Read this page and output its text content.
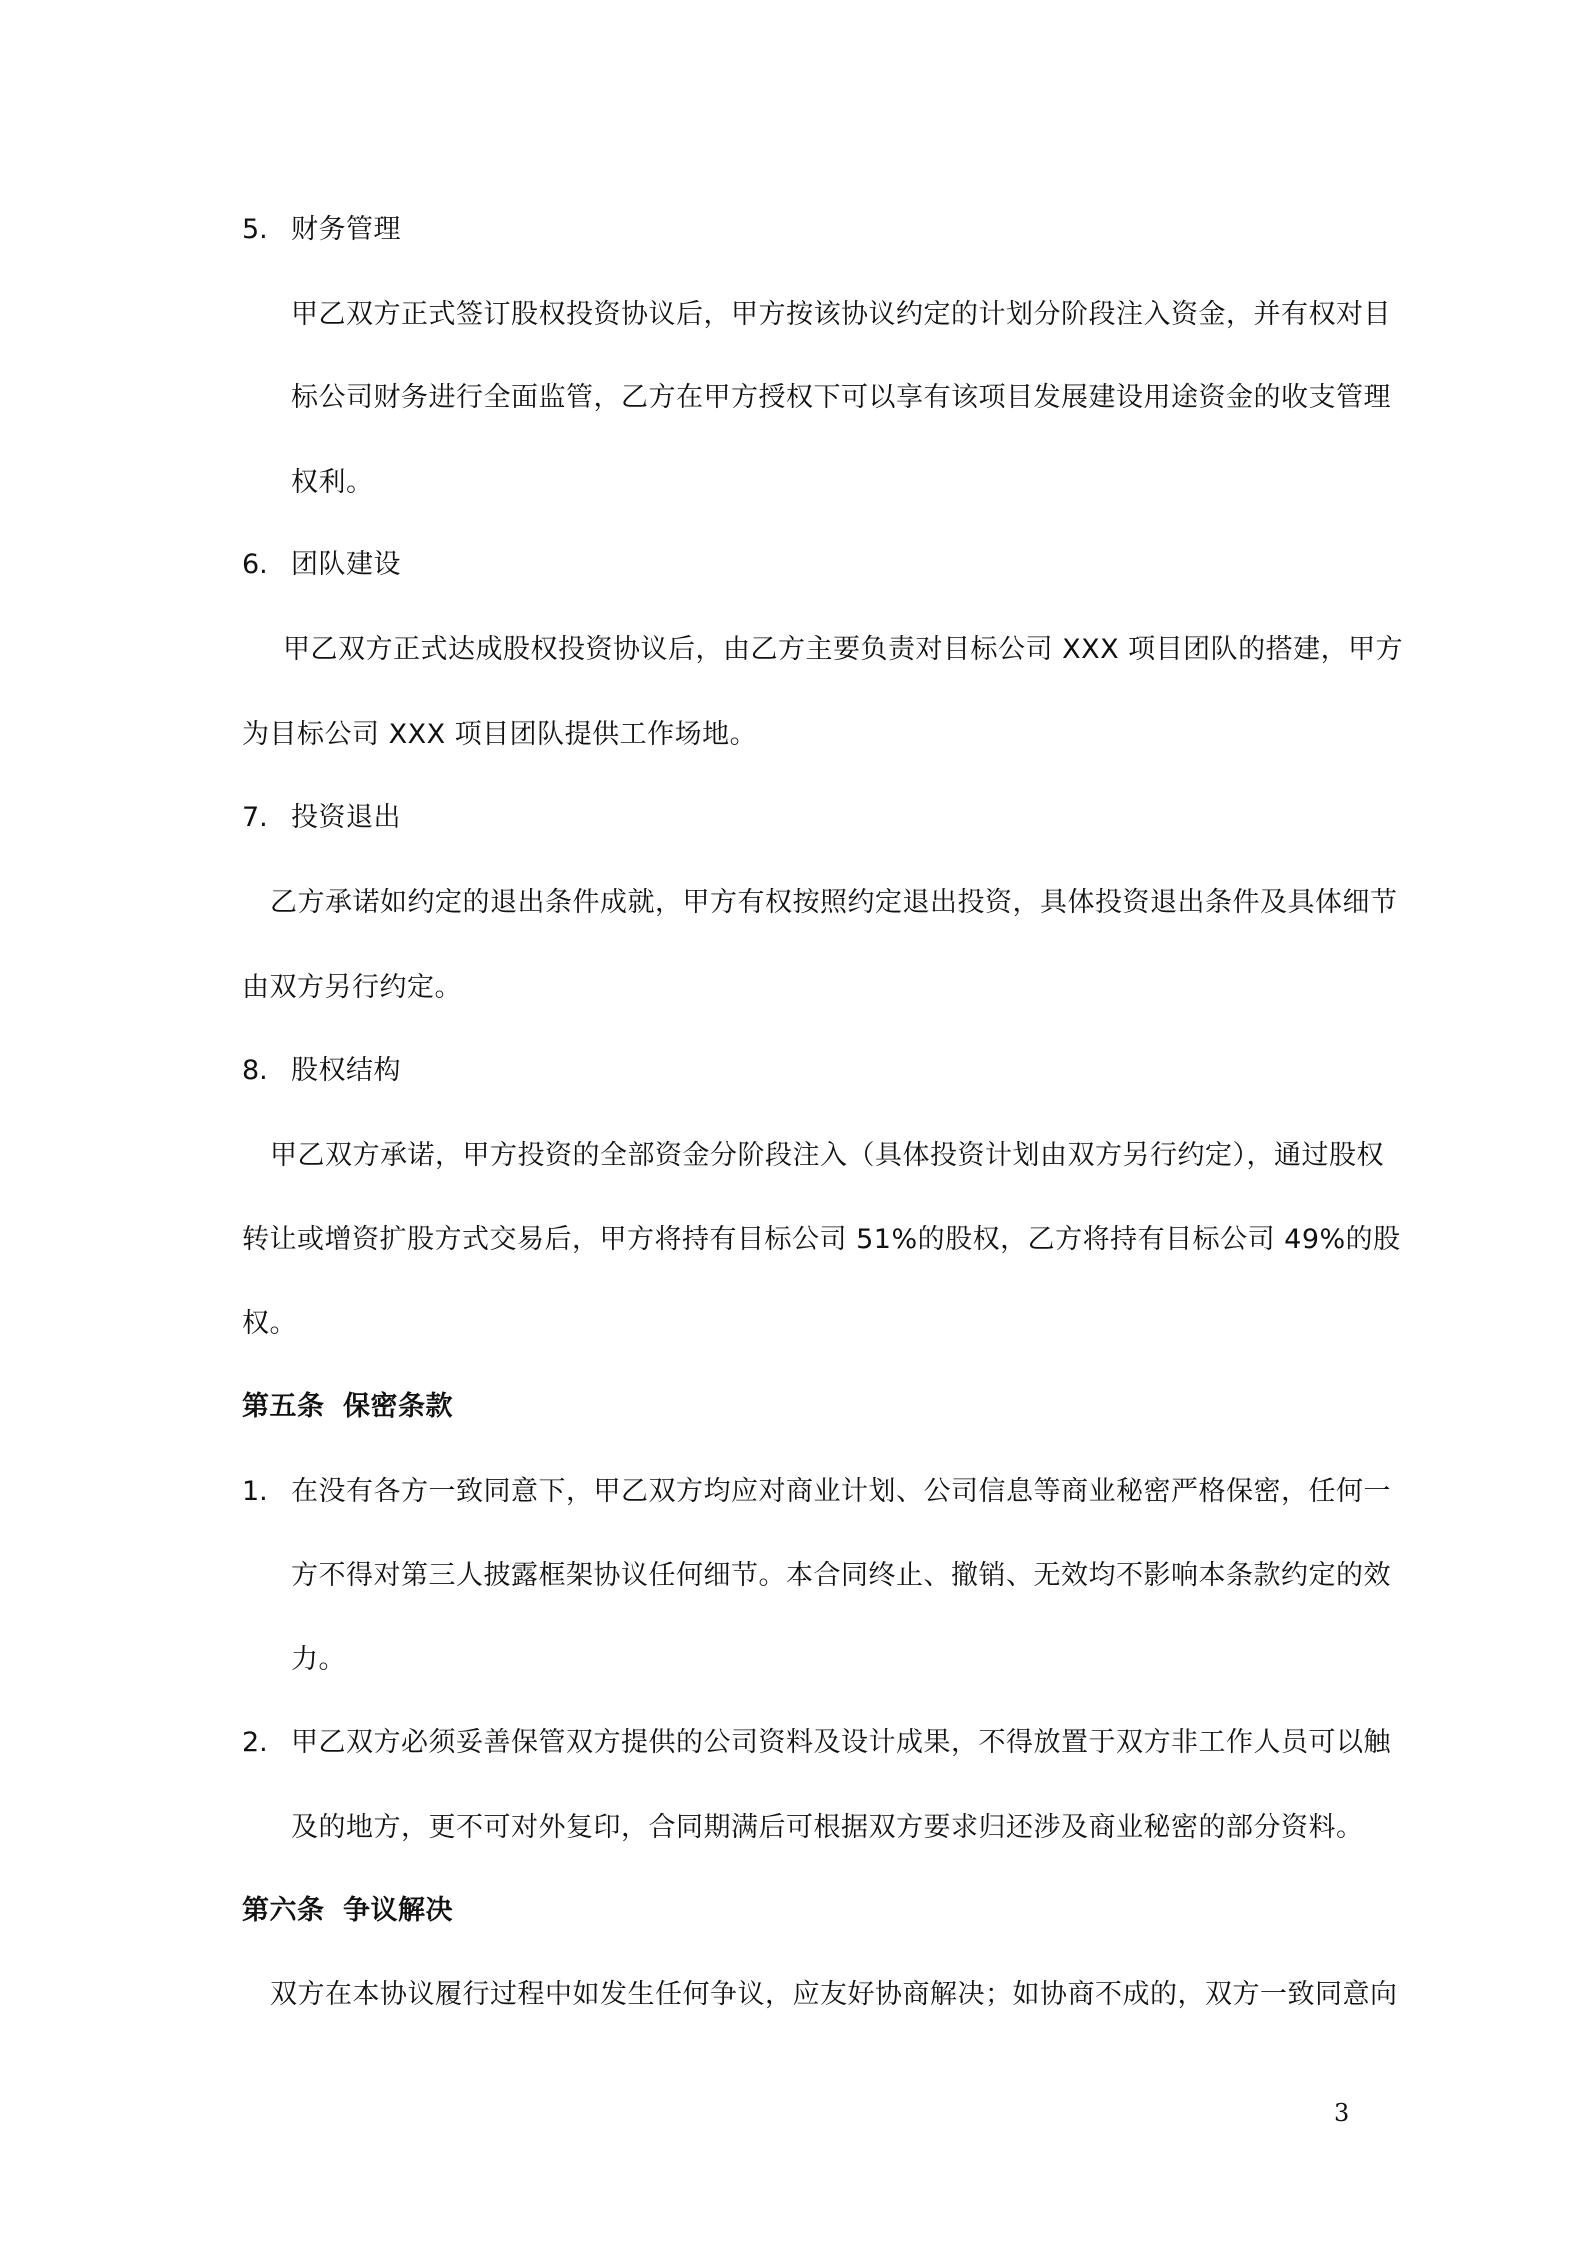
5. 财务管理
甲乙双方正式签订股权投资协议后，甲方按该协议约定的计划分阶段注入资金，并有权对目
标公司财务进行全面监管，乙方在甲方授权下可以享有该项目发展建设用途资金的收支管理
权利。
6. 团队建设
甲乙双方正式达成股权投资协议后，由乙方主要负责对目标公司 XXX 项目团队的搭建，甲方
为目标公司 XXX 项目团队提供工作场地。
7. 投资退出
乙方承诺如约定的退出条件成就，甲方有权按照约定退出投资，具体投资退出条件及具体细节
由双方另行约定。
8. 股权结构
甲乙双方承诺，甲方投资的全部资金分阶段注入（具体投资计划由双方另行约定），通过股权
转让或增资扩股方式交易后，甲方将持有目标公司 51%的股权，乙方将持有目标公司 49%的股
权。
第五条 保密条款
1. 在没有各方一致同意下，甲乙双方均应对商业计划、公司信息等商业秘密严格保密，任何一
方不得对第三人披露框架协议任何细节。本合同终止、撤销、无效均不影响本条款约定的效
力。
2. 甲乙双方必须妥善保管双方提供的公司资料及设计成果，不得放置于双方非工作人员可以触
及的地方，更不可对外复印，合同期满后可根据双方要求归还涉及商业秘密的部分资料。
第六条 争议解决
双方在本协议履行过程中如发生任何争议，应友好协商解决；如协商不成的，双方一致同意向
3
